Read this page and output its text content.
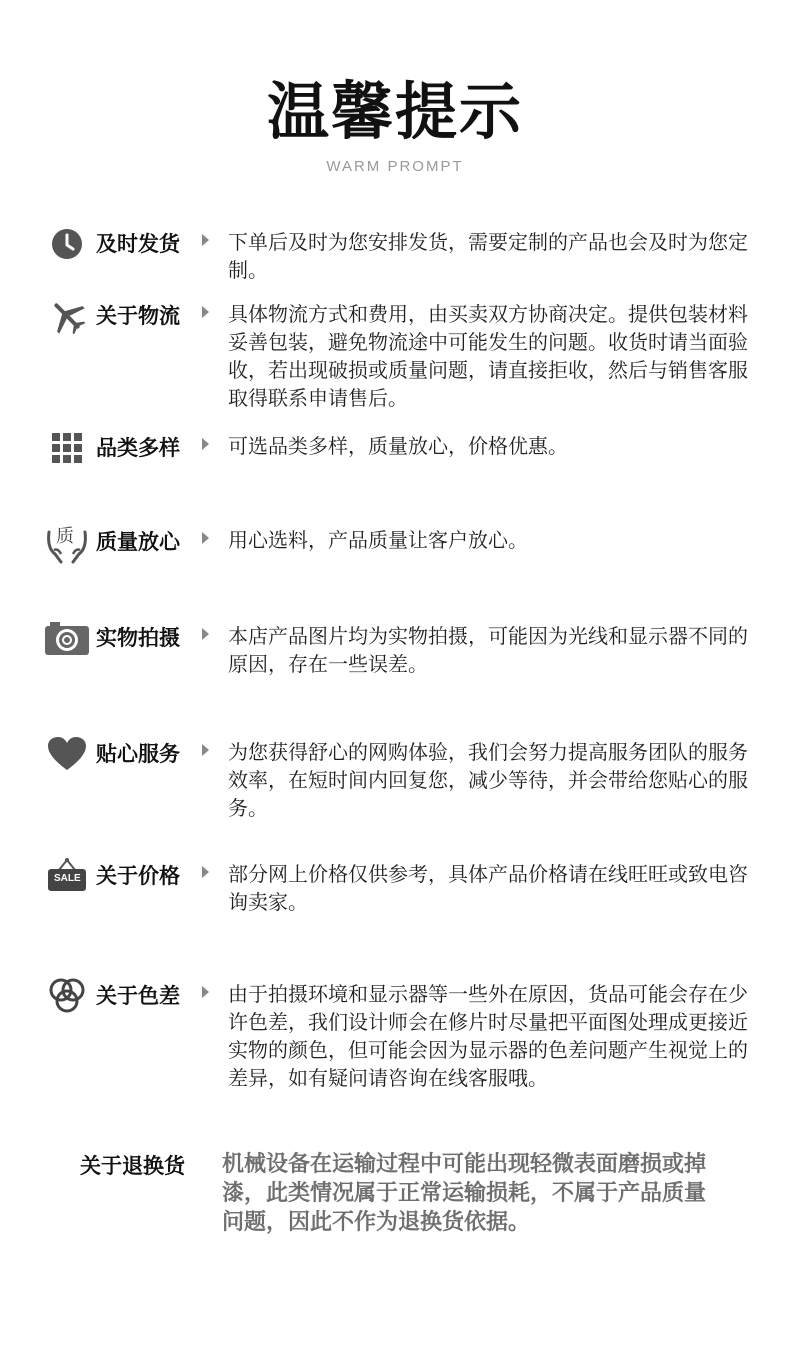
温馨提示
WARM PROMPT
及时发货 下单后及时为您安排发货，需要定制的产品也会及时为您定制。
关于物流 具体物流方式和费用，由买卖双方协商决定。提供包装材料妥善包装，避免物流途中可能发生的问题。收货时请当面验收，若出现破损或质量问题，请直接拒收，然后与销售客服取得联系申请售后。
品类多样 可选品类多样，质量放心，价格优惠。
质 质量放心 用心选料，产品质量让客户放心。
实物拍摄 本店产品图片均为实物拍摄，可能因为光线和显示器不同的原因，存在一些误差。
贴心服务 为您获得舒心的网购体验，我们会努力提高服务团队的服务效率，在短时间内回复您，减少等待，并会带给您贴心的服务。
SALE 关于价格 部分网上价格仅供参考，具体产品价格请在线旺旺或致电咨询卖家。
关于色差 由于拍摄环境和显示器等一些外在原因，货品可能会存在少许色差，我们设计师会在修片时尽量把平面图处理成更接近实物的颜色，但可能会因为显示器的色差问题产生视觉上的差异，如有疑问请咨询在线客服哦。
关于退换货 机械设备在运输过程中可能出现轻微表面磨损或掉漆，此类情况属于正常运输损耗，不属于产品质量问题，因此不作为退换货依据。
